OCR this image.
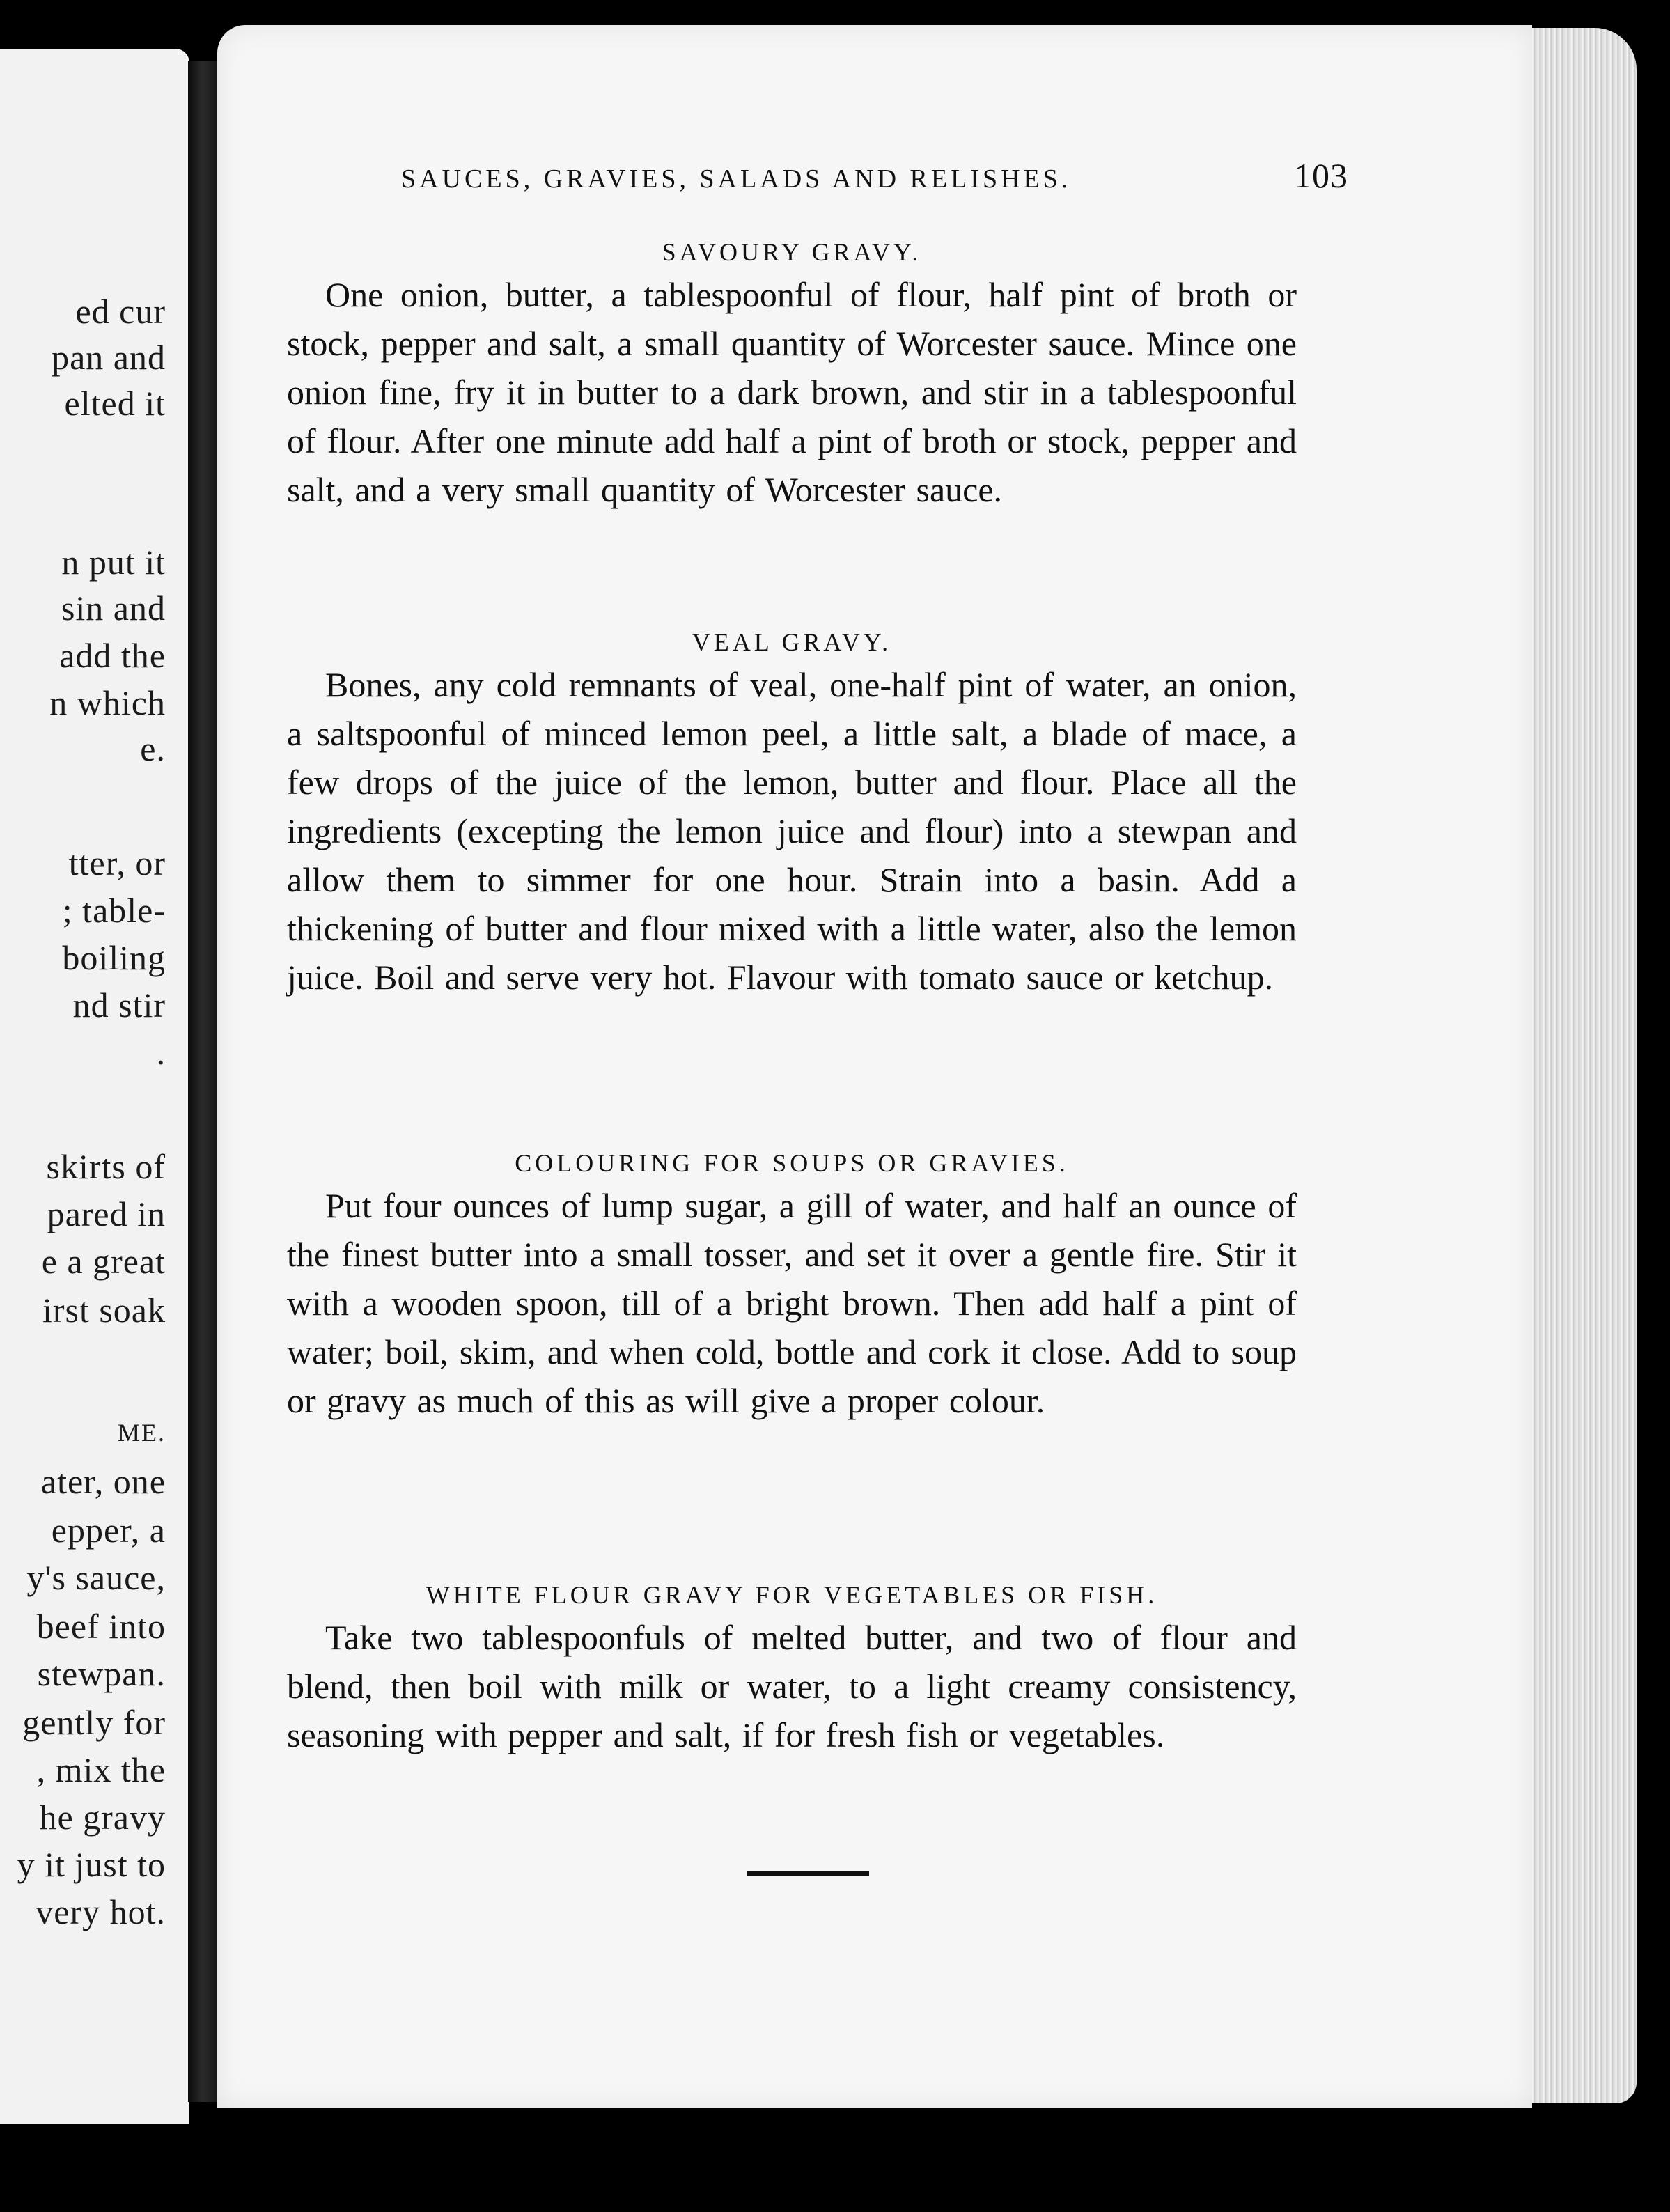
ed cur
pan and
elted it
n put it
sin and
add the
n which
e.
tter, or
; table-
boiling
nd stir
.
skirts of
pared in
e a great
irst soak
ME.
ater, one
epper, a
y's sauce,
beef into
stewpan.
gently for
, mix the
he gravy
y it just to
very hot.
SAUCES, GRAVIES, SALADS AND RELISHES.	103
SAVOURY GRAVY.

One onion, butter, a tablespoonful of flour, half pint of broth or stock, pepper and salt, a small quantity of Worcester sauce. Mince one onion fine, fry it in butter to a dark brown, and stir in a tablespoonful of flour. After one minute add half a pint of broth or stock, pepper and salt, and a very small quantity of Worcester sauce.

VEAL GRAVY.

Bones, any cold remnants of veal, one-half pint of water, an onion, a saltspoonful of minced lemon peel, a little salt, a blade of mace, a few drops of the juice of the lemon, butter and flour. Place all the ingredients (excepting the lemon juice and flour) into a stewpan and allow them to simmer for one hour. Strain into a basin. Add a thickening of butter and flour mixed with a little water, also the lemon juice. Boil and serve very hot. Flavour with tomato sauce or ketchup.

COLOURING FOR SOUPS OR GRAVIES.

Put four ounces of lump sugar, a gill of water, and half an ounce of the finest butter into a small tosser, and set it over a gentle fire. Stir it with a wooden spoon, till of a bright brown. Then add half a pint of water; boil, skim, and when cold, bottle and cork it close. Add to soup or gravy as much of this as will give a proper colour.

WHITE FLOUR GRAVY FOR VEGETABLES OR FISH.

Take two tablespoonfuls of melted butter, and two of flour and blend, then boil with milk or water, to a light creamy consistency, seasoning with pepper and salt, if for fresh fish or vegetables.
